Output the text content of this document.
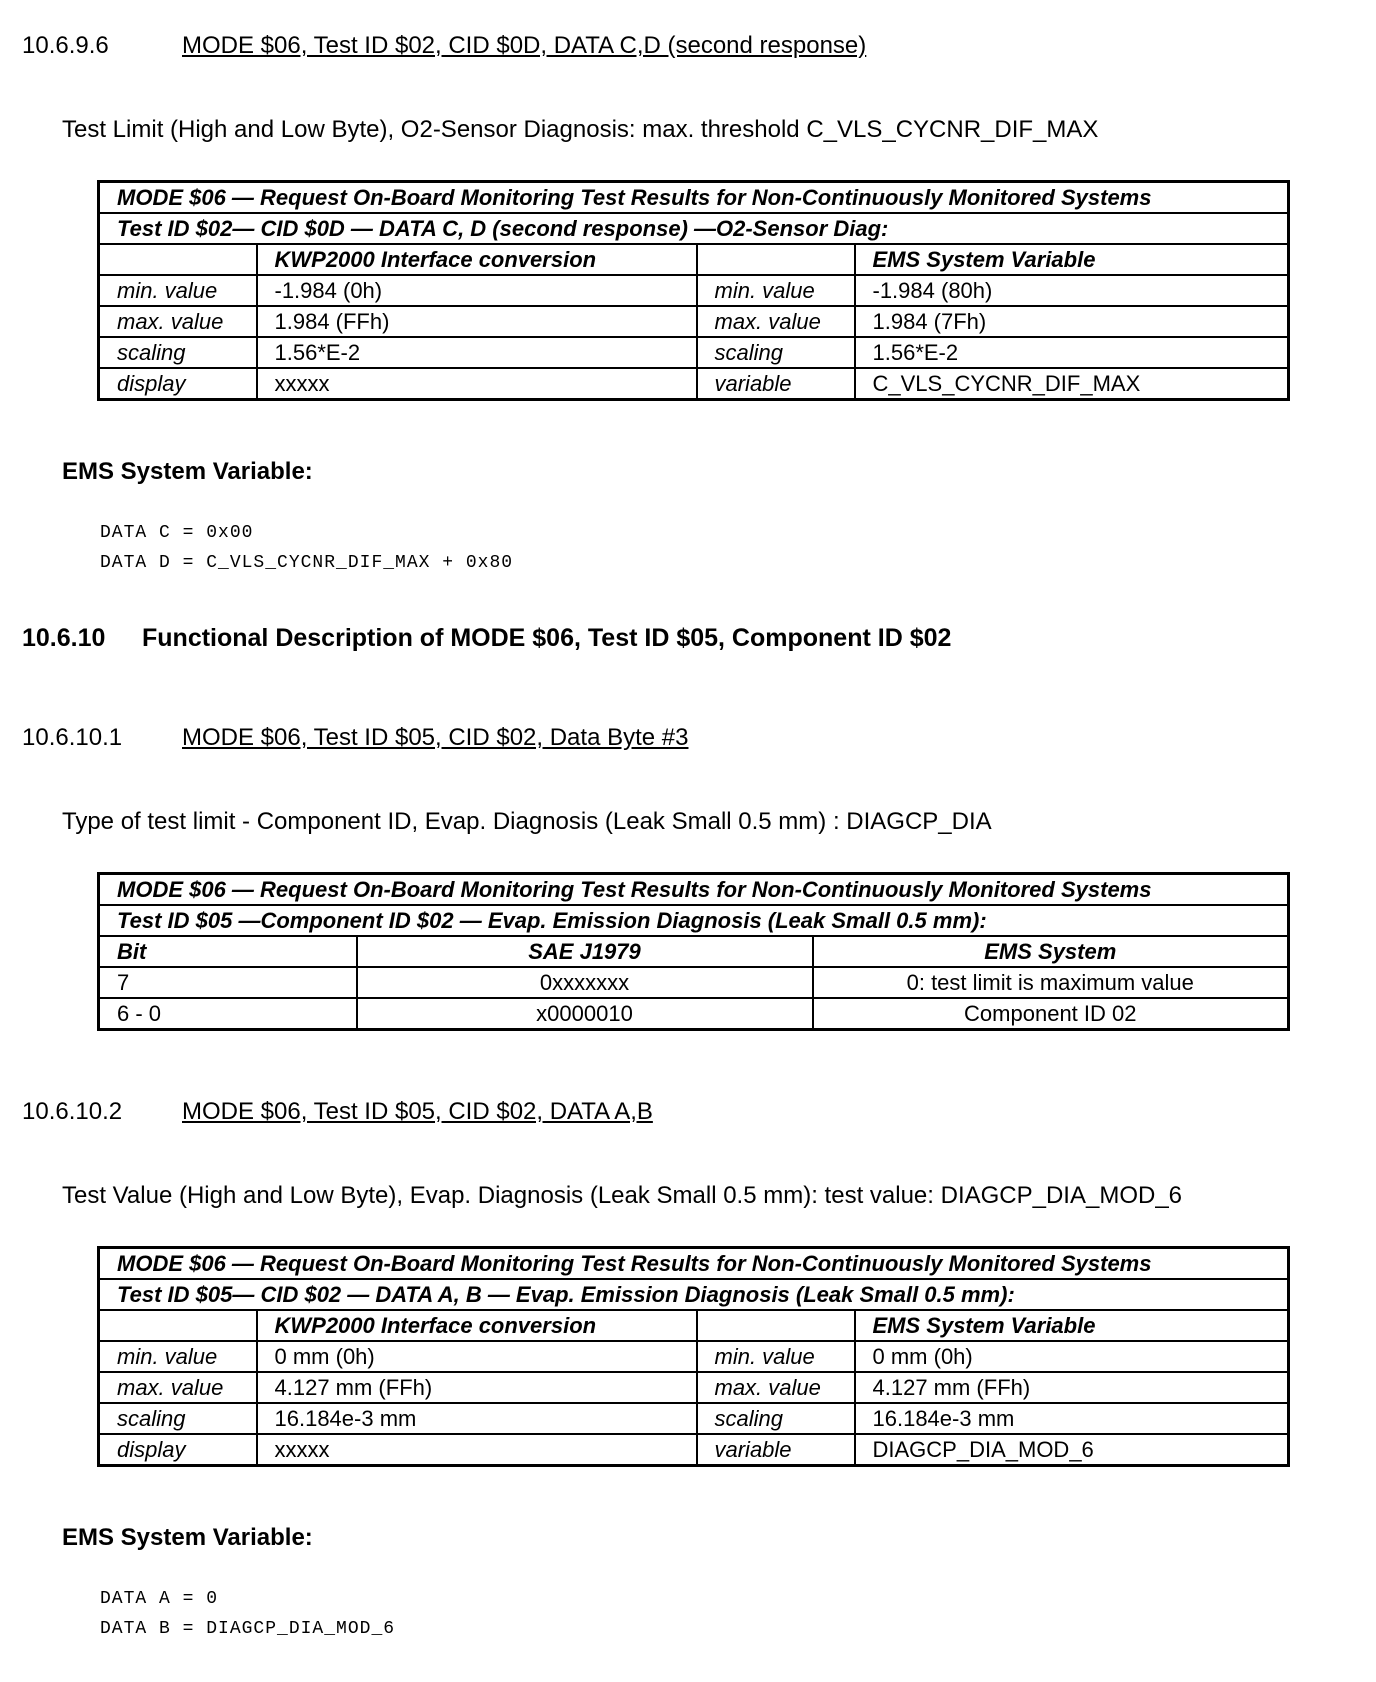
10.6.9.6	MODE $06, Test ID $02, CID $0D, DATA C,D (second response)
Test Limit (High and Low Byte), O2-Sensor Diagnosis: max. threshold C_VLS_CYCNR_DIF_MAX
MODE $06 — Request On-Board Monitoring Test Results for Non-Continuously Monitored Systems			
Test ID $02— CID $0D — DATA C, D (second response) —O2-Sensor Diag:			
	KWP2000 Interface conversion		EMS System Variable
min. value	-1.984 (0h)	min. value	-1.984 (80h)
max. value	1.984 (FFh)	max. value	1.984 (7Fh)
scaling	1.56*E-2	scaling	1.56*E-2
display	xxxxx	variable	C_VLS_CYCNR_DIF_MAX
EMS System Variable:
DATA C = 0x00
DATA D = C_VLS_CYCNR_DIF_MAX + 0x80
10.6.10 Functional Description of MODE $06, Test ID $05, Component ID $02
10.6.10.1 MODE $06, Test ID $05, CID $02, Data Byte #3
Type of test limit - Component ID, Evap. Diagnosis (Leak Small 0.5 mm) : DIAGCP_DIA
MODE $06 — Request On-Board Monitoring Test Results for Non-Continuously Monitored Systems		
Test ID $05 —Component ID $02 — Evap. Emission Diagnosis (Leak Small 0.5 mm):		
Bit	SAE J1979	EMS System
7	0xxxxxxx	0: test limit is maximum value
6 - 0	x0000010	Component ID 02
10.6.10.2 MODE $06, Test ID $05, CID $02, DATA A,B
Test Value (High and Low Byte), Evap. Diagnosis (Leak Small 0.5 mm): test value: DIAGCP_DIA_MOD_6
MODE $06 — Request On-Board Monitoring Test Results for Non-Continuously Monitored Systems			
Test ID $05— CID $02 — DATA A, B — Evap. Emission Diagnosis (Leak Small 0.5 mm):			
	KWP2000 Interface conversion		EMS System Variable
min. value	0 mm (0h)	min. value	0 mm (0h)
max. value	4.127 mm (FFh)	max. value	4.127 mm (FFh)
scaling	16.184e-3 mm	scaling	16.184e-3 mm
display	xxxxx	variable	DIAGCP_DIA_MOD_6
EMS System Variable:
DATA A = 0
DATA B = DIAGCP_DIA_MOD_6
